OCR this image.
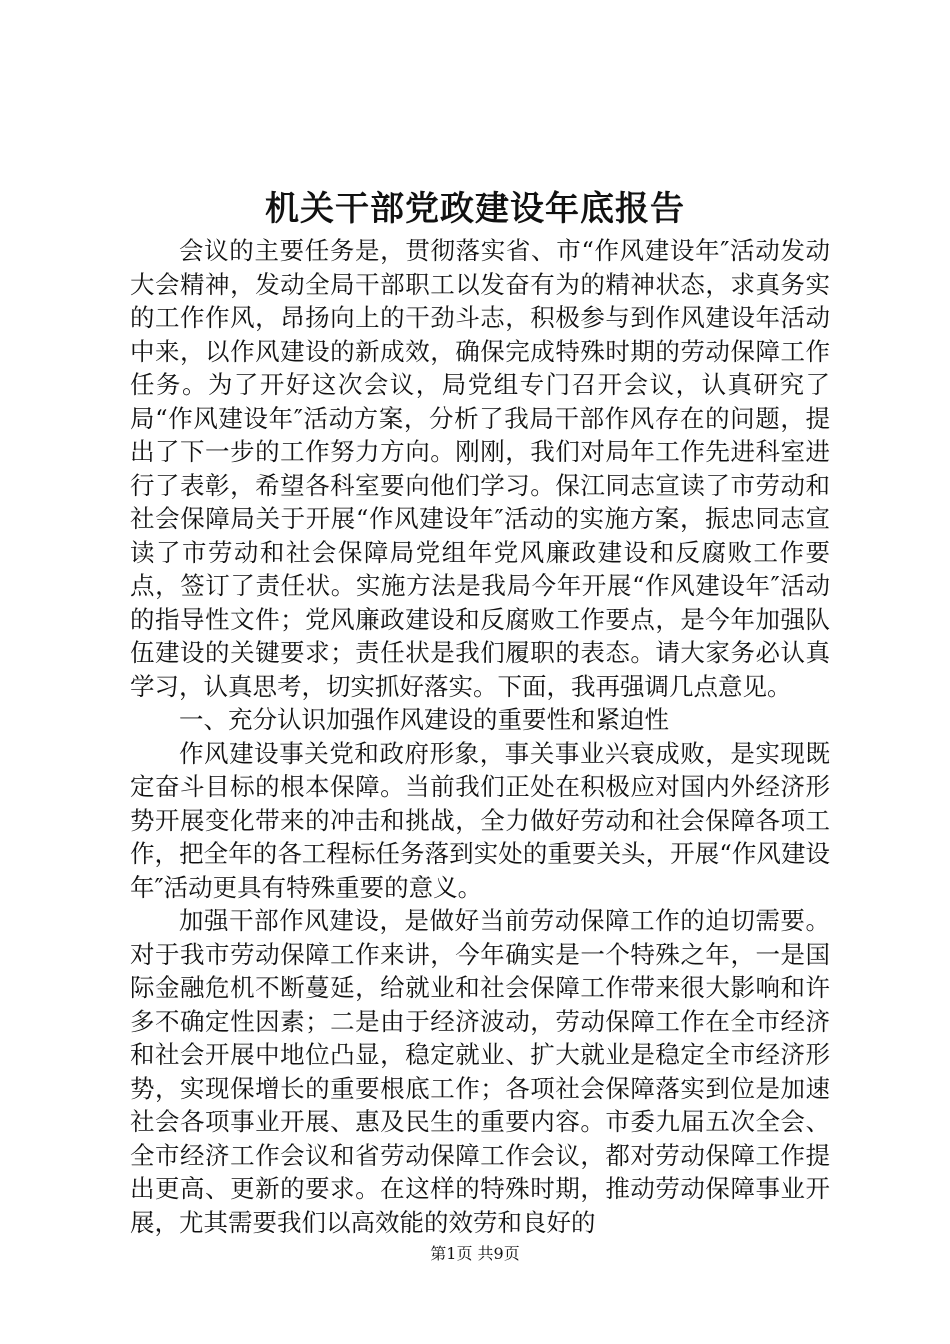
机关干部党政建设年底报告

会议的主要任务是，贯彻落实省、市“作风建设年″活动发动大会精神，发动全局干部职工以发奋有为的精神状态，求真务实的工作作风，昂扬向上的干劲斗志，积极参与到作风建设年活动中来，以作风建设的新成效，确保完成特殊时期的劳动保障工作任务。为了开好这次会议，局党组专门召开会议，认真研究了局“作风建设年″活动方案，分析了我局干部作风存在的问题，提出了下一步的工作努力方向。刚刚，我们对局年工作先进科室进行了表彰，希望各科室要向他们学习。保江同志宣读了市劳动和社会保障局关于开展“作风建设年″活动的实施方案，振忠同志宣读了市劳动和社会保障局党组年党风廉政建设和反腐败工作要点，签订了责任状。实施方法是我局今年开展“作风建设年″活动的指导性文件；党风廉政建设和反腐败工作要点，是今年加强队伍建设的关键要求；责任状是我们履职的表态。请大家务必认真学习，认真思考，切实抓好落实。下面，我再强调几点意见。

一、充分认识加强作风建设的重要性和紧迫性

作风建设事关党和政府形象，事关事业兴衰成败，是实现既定奋斗目标的根本保障。当前我们正处在积极应对国内外经济形势开展变化带来的冲击和挑战，全力做好劳动和社会保障各项工作，把全年的各工程标任务落到实处的重要关头，开展“作风建设年″活动更具有特殊重要的意义。

加强干部作风建设，是做好当前劳动保障工作的迫切需要。对于我市劳动保障工作来讲，今年确实是一个特殊之年，一是国际金融危机不断蔓延，给就业和社会保障工作带来很大影响和许多不确定性因素；二是由于经济波动，劳动保障工作在全市经济和社会开展中地位凸显，稳定就业、扩大就业是稳定全市经济形势，实现保增长的重要根底工作；各项社会保障落实到位是加速社会各项事业开展、惠及民生的重要内容。市委九届五次全会、全市经济工作会议和省劳动保障工作会议，都对劳动保障工作提出更高、更新的要求。在这样的特殊时期，推动劳动保障事业开展，尤其需要我们以高效能的效劳和良好的

第1页 共9页
